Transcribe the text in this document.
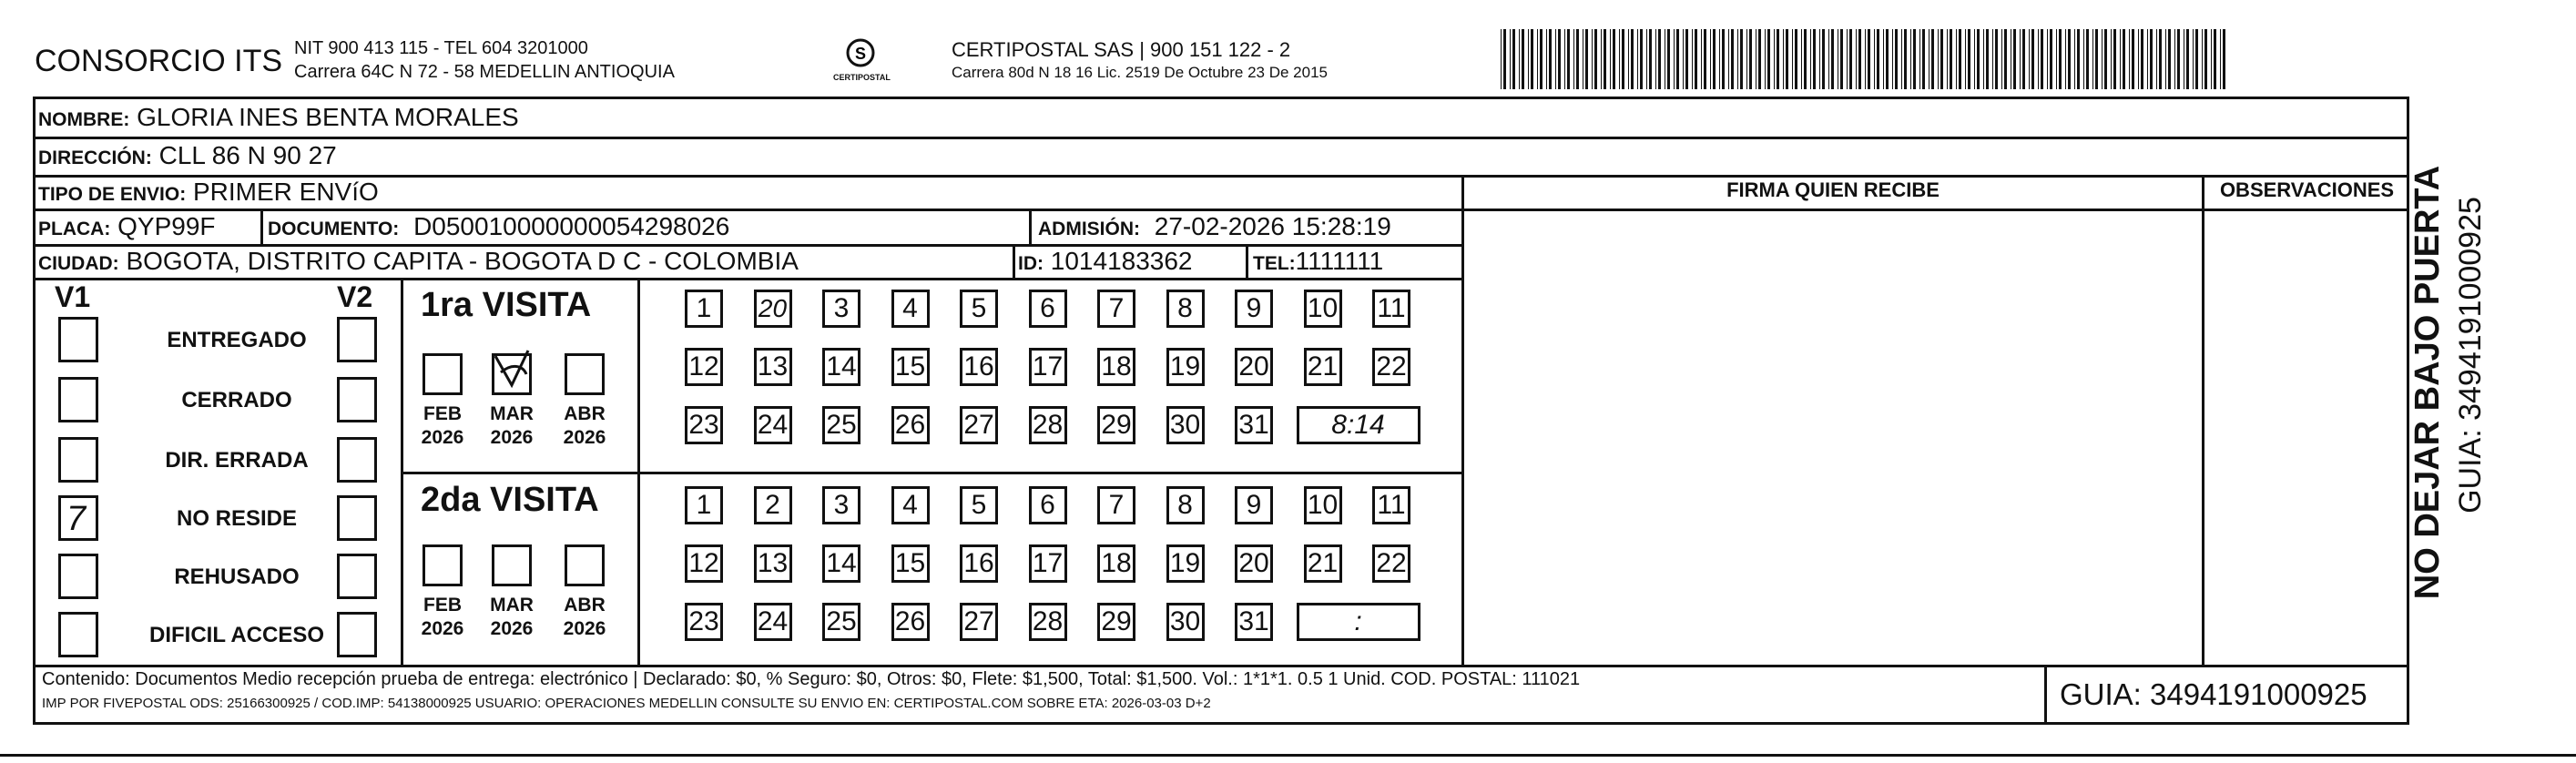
CONSORCIO ITS NIT 900 413 115 - TEL 604 3201000
Carrera 64C N 72 - 58 MEDELLIN ANTIOQUIA
S
CERTIPOSTAL
CERTIPOSTAL SAS | 900 151 122 - 2
Carrera 80d N 18 16 Lic. 2519 De Octubre 23 De 2015
NOMBRE: GLORIA INES BENTA MORALES
DIRECCIÓN: CLL 86 N 90 27
TIPO DE ENVIO: PRIMER ENVíO
PLACA: QYP99F	DOCUMENTO: D050010000000054298026	ADMISIÓN: 27-02-2026 15:28:19
CIUDAD: BOGOTA, DISTRITO CAPITA - BOGOTA D C - COLOMBIA	ID: 1014183362	TEL:1111111
FIRMA QUIEN RECIBE	OBSERVACIONES
V1	V2
ENTREGADO
CERRADO
DIR. ERRADA
7	NO RESIDE
REHUSADO
DIFICIL ACCESO
1ra VISITA
2da VISITA
FEB
2026
MAR
2026
ABR
2026
FEB
2026
MAR
2026
ABR
2026
1 20 3 4 5 6 7 8 9 10 11
12 13 14 15 16 17 18 19 20 21 22
23 24 25 26 27 28 29 30 31 8:14
1 2 3 4 5 6 7 8 9 10 11
12 13 14 15 16 17 18 19 20 21 22
23 24 25 26 27 28 29 30 31	:
Contenido: Documentos Medio recepción prueba de entrega: electrónico | Declarado: $0, % Seguro: $0, Otros: $0, Flete: $1,500, Total: $1,500. Vol.: 1*1*1. 0.5 1 Unid. COD. POSTAL: 111021
IMP POR FIVEPOSTAL ODS: 25166300925 / COD.IMP: 54138000925 USUARIO: OPERACIONES MEDELLIN CONSULTE SU ENVIO EN: CERTIPOSTAL.COM SOBRE ETA: 2026-03-03 D+2	GUIA: 3494191000925
NO DEJAR BAJO PUERTA GUIA: 3494191000925
